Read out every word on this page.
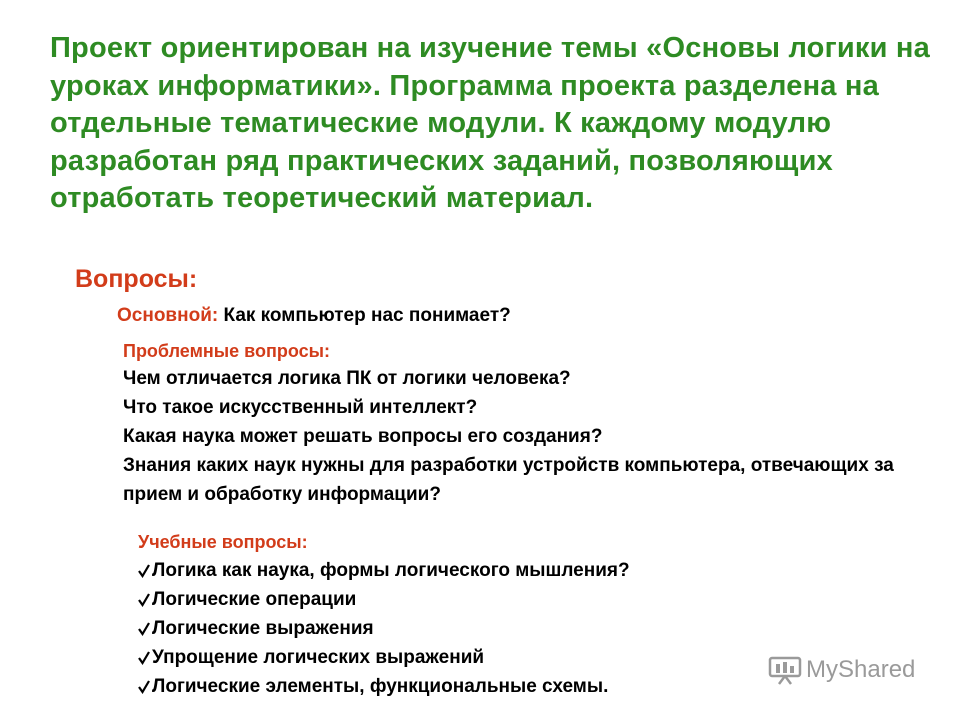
Проект ориентирован на изучение темы «Основы логики на уроках информатики». Программа проекта разделена на отдельные тематические модули. К каждому модулю разработан ряд практических заданий, позволяющих отработать теоретический материал.

Вопросы:
Основной: Как компьютер нас понимает?
Проблемные вопросы:
Чем отличается логика ПК от логики человека?
Что такое искусственный интеллект?
Какая наука может решать вопросы его создания?
Знания каких наук нужны для разработки устройств компьютера, отвечающих за прием и обработку информации?
Учебные вопросы:
Логика как наука, формы логического мышления?
Логические операции
Логические выражения
Упрощение логических выражений
Логические элементы, функциональные схемы.
MyShared
